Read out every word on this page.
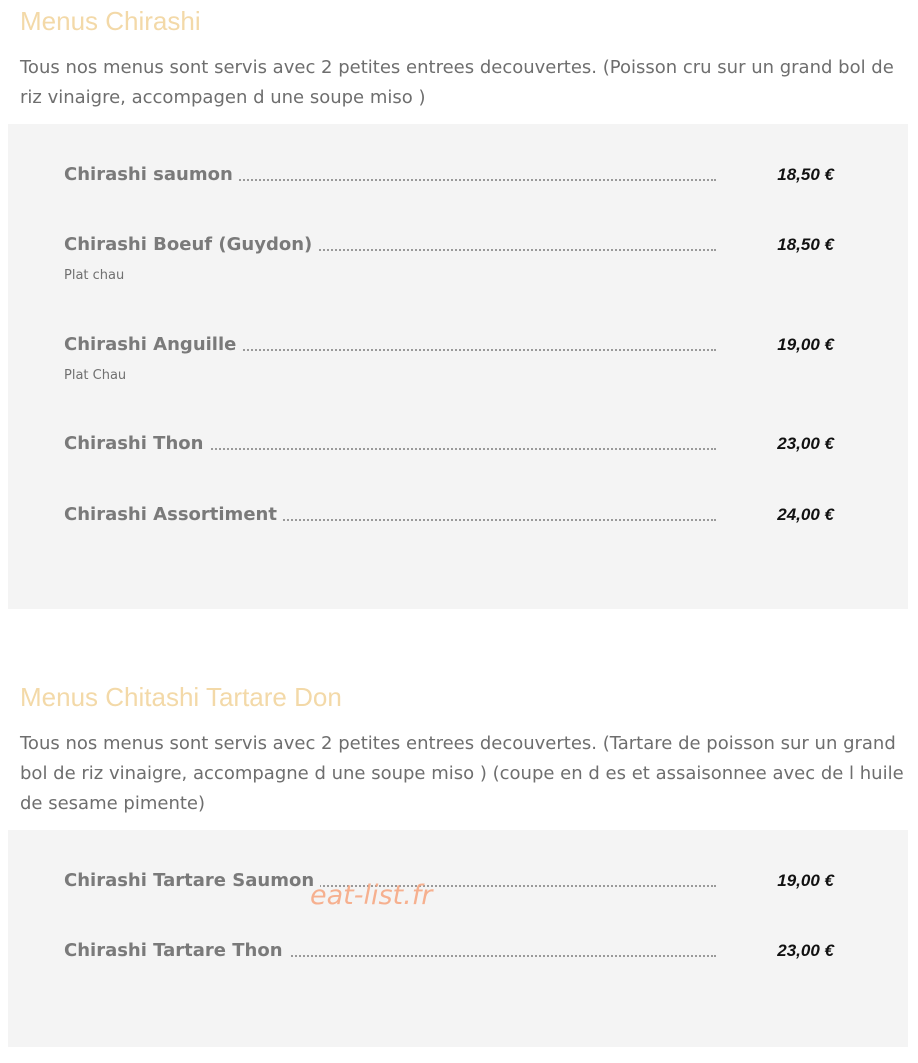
Menus Chirashi

Tous nos menus sont servis avec 2 petites entrees decouvertes. (Poisson cru sur un grand bol de riz vinaigre, accompagen d une soupe miso )

Chirashi saumon	18,50 €
Chirashi Boeuf (Guydon)	18,50 €
Plat chau
Chirashi Anguille	19,00 €
Plat Chau
Chirashi Thon	23,00 €
Chirashi Assortiment	24,00 €
Menus Chitashi Tartare Don

Tous nos menus sont servis avec 2 petites entrees decouvertes. (Tartare de poisson sur un grand bol de riz vinaigre, accompagne d une soupe miso ) (coupe en d es et assaisonnee avec de l huile de sesame pimente)

Chirashi Tartare Saumon	19,00 €
Chirashi Tartare Thon	23,00 €
eat-list.fr
